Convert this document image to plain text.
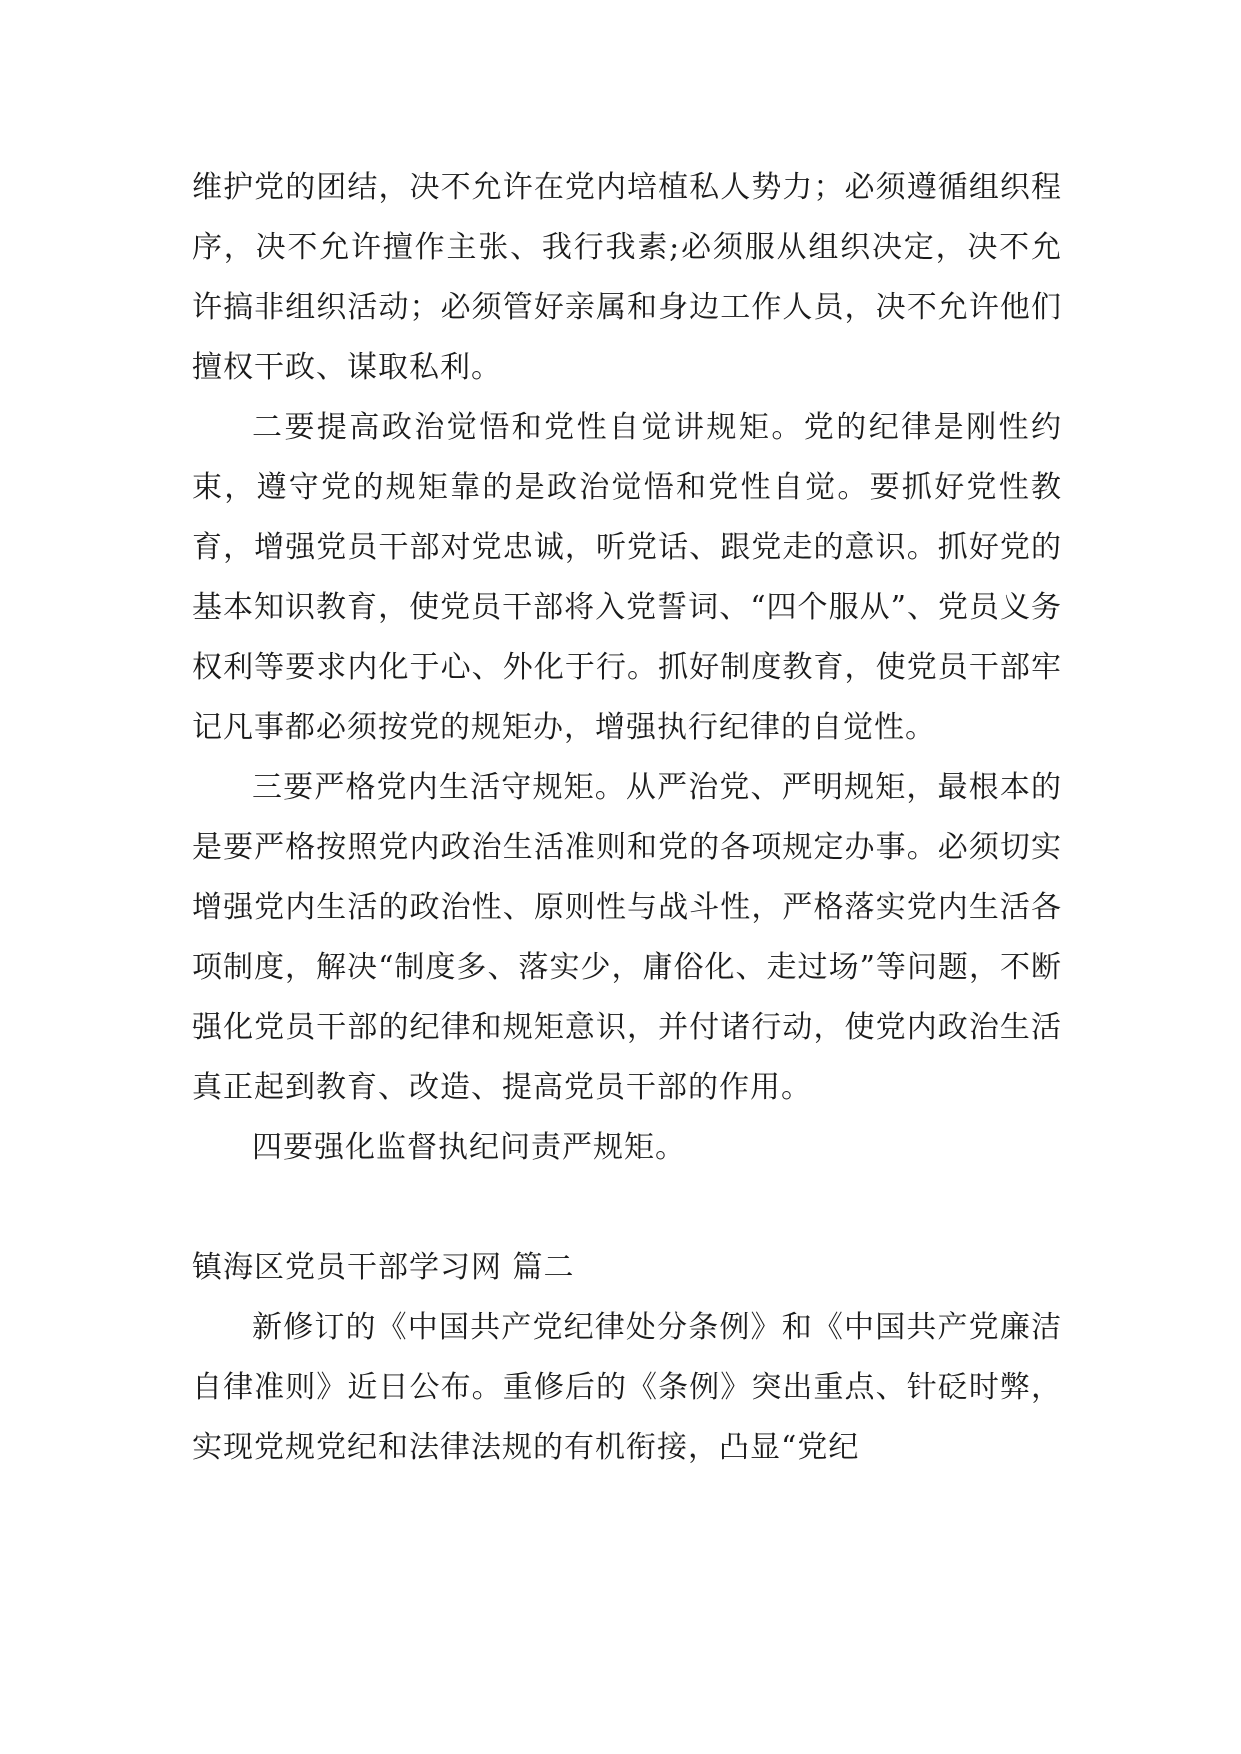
维护党的团结，决不允许在党内培植私人势力；必须遵循组织程序，决不允许擅作主张、我行我素;必须服从组织决定，决不允许搞非组织活动；必须管好亲属和身边工作人员，决不允许他们擅权干政、谋取私利。

二要提高政治觉悟和党性自觉讲规矩。党的纪律是刚性约束，遵守党的规矩靠的是政治觉悟和党性自觉。要抓好党性教育，增强党员干部对党忠诚，听党话、跟党走的意识。抓好党的基本知识教育，使党员干部将入党誓词、“四个服从”、党员义务权利等要求内化于心、外化于行。抓好制度教育，使党员干部牢记凡事都必须按党的规矩办，增强执行纪律的自觉性。

三要严格党内生活守规矩。从严治党、严明规矩，最根本的是要严格按照党内政治生活准则和党的各项规定办事。必须切实增强党内生活的政治性、原则性与战斗性，严格落实党内生活各项制度，解决“制度多、落实少，庸俗化、走过场”等问题，不断强化党员干部的纪律和规矩意识，并付诸行动，使党内政治生活真正起到教育、改造、提高党员干部的作用。

四要强化监督执纪问责严规矩。

镇海区党员干部学习网 篇二

新修订的《中国共产党纪律处分条例》和《中国共产党廉洁自律准则》近日公布。重修后的《条例》突出重点、针砭时弊，实现党规党纪和法律法规的有机衔接，凸显“党纪
